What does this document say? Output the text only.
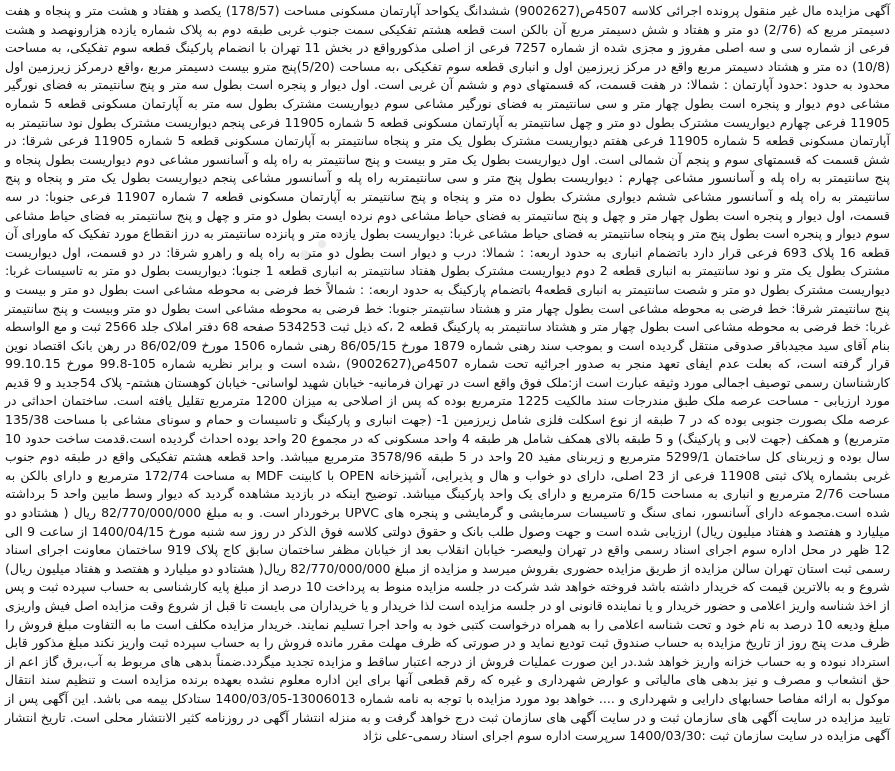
آگهی مزایده مال غیر منقول پرونده اجرائی کلاسه 4507ص(9002627) ششدانگ یکواحد آپارتمان مسکونی مساحت (178/57) یکصد و هفتاد و هشت متر و پنجاه و هفت دسیمتر مربع که (2/76) دو متر و هفتاد و شش دسیمتر مربع آن بالکن است قطعه هشتم تفکیکی سمت جنوب غربی طبقه دوم به پلاک شماره یازده هزارونهصد و هشت فرعی از شماره سی و سه اصلی مفروز و مجزی شده از شماره 7257 فرعی از اصلی مذکورواقع در بخش 11 تهران با انضمام پارکینگ قطعه سوم تفکیکی، به مساحت (10/8) ده متر و هشتاد دسیمتر مربع واقع در مرکز زیرزمین اول و انباری قطعه سوم تفکیکی ،به مساحت (5/20)پنج مترو بیست دسیمتر مربع ،واقع درمرکز زیرزمین اول محدود به حدود :حدود آپارتمان : شمالا: در هفت قسمت، که قسمتهای دوم و ششم آن غربی است. اول دیوار و پنجره است بطول سه متر و پنج سانتیمتر به فضای نورگیر مشاعی دوم دیوار و پنجره است بطول چهار متر و سی سانتیمتر به فضای نورگیر مشاعی سوم دیواریست مشترک بطول سه متر به آپارتمان مسکونی قطعه 5 شماره 11905 فرعی چهارم دیواریست مشترک بطول دو متر و چهل سانتیمتر به آپارتمان مسکونی قطعه 5 شماره 11905 فرعی پنجم دیواریست مشترک بطول نود سانتیمتر به آپارتمان مسکونی قطعه 5 شماره 11905 فرعی هفتم دیواریست مشترک بطول یک متر و پنجاه سانتیمتر به آپارتمان مسکونی قطعه 5 شماره 11905 فرعی شرقا: در شش قسمت که قسمتهای سوم و پنجم آن شمالی است. اول دیواریست بطول یک متر و بیست و پنج سانتیمتر به راه پله و آسانسور مشاعی دوم دیواریست بطول پنجاه و پنج سانتیمتر به راه پله و آسانسور مشاعی چهارم : دیواریست بطول پنج متر و سی سانتیمتربه راه پله و آسانسور مشاعی پنجم دیواریست بطول یک متر و پنجاه و پنج سانتیمتر به راه پله و آسانسور مشاعی ششم دیواری مشترک بطول ده متر و پنجاه و پنج سانتیمتر به آپارتمان مسکونی قطعه 7 شماره 11907 فرعی جنوبا: در سه قسمت، اول دیوار و پنجره است بطول چهار متر و چهل و پنج سانتیمتر به فضای حیاط مشاعی دوم نرده ایست بطول دو متر و چهل و پنج سانتیمتر به فضای حیاط مشاعی سوم دیوار و پنجره است بطول پنج متر و پنجاه سانتیمتر به فضای حیاط مشاعی غربا: دیواریست بطول یازده متر و پانزده سانتیمتر به درز انقطاع مورد تفکیک که ماورای آن قطعه 16 پلاک 693 فرعی قرار دارد باتضمام انباری به حدود اربعه: : شمالا: درب و دیوار است بطول دو متر به راه پله و راهرو شرقا: در دو قسمت، اول دیواریست مشترک بطول یک متر و نود سانتیمتر به انباری قطعه 2 دوم دیواریست مشترک بطول هفتاد سانتیمتر به انباری قطعه 1 جنوبا: دیواریست بطول دو متر به تاسیسات غربا: دیواریست مشترک بطول دو متر و شصت سانتیمتر به انباری قطعه4 باتضمام پارکینگ به حدود اربعه: : شمالاً خط فرضی به محوطه مشاعی است بطول دو متر و بیست و پنج سانتیمتر شرقا: خط فرضی به محوطه مشاعی است بطول چهار متر و هشتاد سانتیمتر جنوبا: خط فرضی به محوطه مشاعی است بطول دو متر وبیست و پنج سانتیمتر غربا: خط فرضی به محوطه مشاعی است بطول چهار متر و هشتاد سانتیمتر به پارکینگ قطعه 2 ،که ذیل ثبت 534253 صفحه 68 دفتر املاک جلد 2566 ثبت و مع الواسطه بنام آقای سید مجیدباقر صدوقی منتقل گردیده است و بموجب سند رهنی شماره 1879 مورخ 86/05/15 رهنی شماره 1506 مورخ 86/02/09 در رهن بانک اقتصاد نوین قرار گرفته است، که بعلت عدم ایفای تعهد منجر به صدور اجرائیه تحت شماره 4507ص(9002627) ،شده است و برابر نظریه شماره 105-99.8 مورخ 99.10.15 کارشناسان رسمی توصیف اجمالی مورد وثیقه عبارت است از:ملک فوق واقع است در تهران فرمانیه- خیابان شهید لواسانی- خیابان کوهستان هشتم- پلاک 54جدید و 9 قدیم مورد ارزیابی - مساحت عرصه ملک طبق مندرجات سند مالکیت 1225 مترمربع بوده که پس از اصلاحی به میزان 1200 مترمربع تقلیل یافته است. ساختمان احداثی در عرصه ملک بصورت جنوبی بوده که در 7 طبقه از نوع اسکلت فلزی شامل زیرزمین 1- (جهت انباری و پارکینگ و تاسیسات و حمام و سونای مشاعی با مساحت 135/38 مترمربع) و همکف (جهت لابی و پارکینگ) و 5 طبقه بالای همکف شامل هر طبقه 4 واحد مسکونی که در مجموع 20 واحد بوده احداث گردیده است.قدمت ساخت حدود 10 سال بوده و زیربنای کل ساختمان 5299/1 مترمربع و زیربنای مفید 20 واحد در 5 طبقه 3578/96 مترمربع میباشد. واحد قطعه هشتم تفکیکی واقع در طبقه دوم جنوب غربی بشماره پلاک ثبتی 11908 فرعی از 23 اصلی، دارای دو خواب و هال و پذیرایی، آشپزخانه OPEN با کابینت MDF به مساحت 172/74 مترمربع و دارای بالکن به مساحت 2/76 مترمربع و انباری به مساحت 6/15 مترمربع و دارای یک واحد پارکینگ میباشد. توضیح اینکه در بازدید مشاهده گردید که دیوار وسط مابین واحد 5 برداشته شده است.مجموعه دارای آسانسور، نمای سنگ و تاسیسات سرمایشی و گرمایشی و پنجره های UPVC برخوردار است. و به مبلغ 82/770/000/000 ریال ( هشتادو دو میلیارد و هفتصد و هفتاد میلیون ریال) ارزیابی شده است و جهت وصول طلب بانک و حقوق دولتی کلاسه فوق الذکر در روز سه شنبه مورخ 1400/04/15 از ساعت 9 الی 12 ظهر در محل اداره سوم اجرای اسناد رسمی واقع در تهران ولیعصر- خیابان انقلاب بعد از خیابان مظفر ساختمان سابق کاج پلاک 919 ساختمان معاونت اجرای اسناد رسمی ثبت استان تهران سالن مزایده از طریق مزایده حضوری بفروش میرسد و مزایده از مبلغ 82/770/000/000 ریال( هشتادو دو میلیارد و هفتصد و هفتاد میلیون ریال) شروع و به بالاترین قیمت که خریدار داشته باشد فروخته خواهد شد شرکت در جلسه مزایده منوط به پرداخت 10 درصد از مبلغ پایه کارشناسی به حساب سپرده ثبت و پس از اخذ شناسه واریز اعلامی و حضور خریدار و یا نماینده قانونی او در جلسه مزایده است لذا خریدار و یا خریداران می بایست تا قبل از شروع وقت مزایده اصل فیش واریزی مبلغ ودیعه 10 درصد به نام خود و تحت شناسه اعلامی را به همراه درخواست کتبی خود به واحد اجرا تسلیم نمایند. خریدار مزایده مکلف است ما به التفاوت مبلغ فروش را ظرف مدت پنج روز از تاریخ مزایده به حساب صندوق ثبت تودیع نماید و در صورتی که ظرف مهلت مقرر مانده فروش را به حساب سپرده ثبت واریز نکند مبلغ مذکور قابل استرداد نبوده و به حساب خزانه واریز خواهد شد.در این صورت عملیات فروش از درجه اعتبار ساقط و مزایده تجدید میگردد.ضمناً بدهی های مربوط به آب،برق گاز اعم از حق انشعاب و مصرف و نیز بدهی های مالیاتی و عوارض شهرداری و غیره که رقم قطعی آنها برای این اداره معلوم نشده بعهده برنده مزایده است و تنظیم سند انتقال موکول به ارائه مفاصا حسابهای دارایی و شهرداری و .... خواهد بود مورد مزایده با توجه به نامه شماره 13006013-1400/03/05 ستادکل بیمه می باشد. این آگهی پس از تایید مزایده در سایت آگهی های سازمان ثبت و در سایت آگهی های سازمان ثبت درج خواهد گرفت و به منزله انتشار آگهی در روزنامه کثیر الانتشار محلی است. تاریخ انتشار آگهی مزایده در سایت سازمان ثبت :1400/03/30 سرپرست اداره سوم اجرای اسناد رسمی-علی نژاد
